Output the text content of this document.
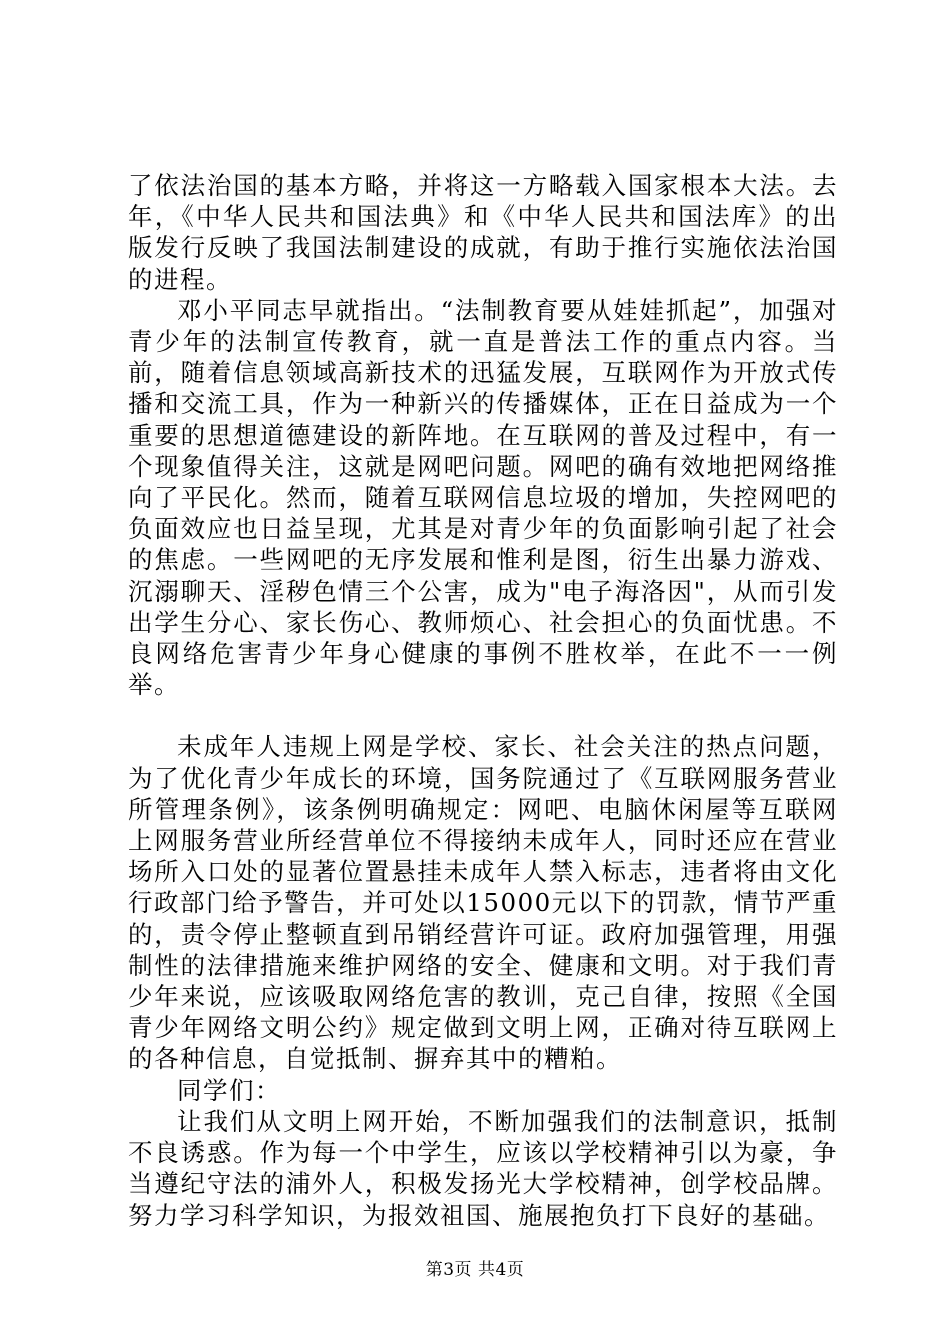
了依法治国的基本方略，并将这一方略载入国家根本大法。去年，《中华人民共和国法典》和《中华人民共和国法库》的出版发行反映了我国法制建设的成就，有助于推行实施依法治国的进程。

邓小平同志早就指出。“法制教育要从娃娃抓起”，加强对青少年的法制宣传教育，就一直是普法工作的重点内容。当前，随着信息领域高新技术的迅猛发展，互联网作为开放式传播和交流工具，作为一种新兴的传播媒体，正在日益成为一个重要的思想道德建设的新阵地。在互联网的普及过程中，有一个现象值得关注，这就是网吧问题。网吧的确有效地把网络推向了平民化。然而，随着互联网信息垃圾的增加，失控网吧的负面效应也日益呈现，尤其是对青少年的负面影响引起了社会的焦虑。一些网吧的无序发展和惟利是图，衍生出暴力游戏、沉溺聊天、淫秽色情三个公害，成为"电子海洛因"，从而引发出学生分心、家长伤心、教师烦心、社会担心的负面忧患。不良网络危害青少年身心健康的事例不胜枚举，在此不一一例举。

未成年人违规上网是学校、家长、社会关注的热点问题，为了优化青少年成长的环境，国务院通过了《互联网服务营业所管理条例》，该条例明确规定：网吧、电脑休闲屋等互联网上网服务营业所经营单位不得接纳未成年人，同时还应在营业场所入口处的显著位置悬挂未成年人禁入标志，违者将由文化行政部门给予警告，并可处以15000元以下的罚款，情节严重的，责令停止整顿直到吊销经营许可证。政府加强管理，用强制性的法律措施来维护网络的安全、健康和文明。对于我们青少年来说，应该吸取网络危害的教训，克己自律，按照《全国青少年网络文明公约》规定做到文明上网，正确对待互联网上的各种信息，自觉抵制、摒弃其中的糟粕。

同学们：

让我们从文明上网开始，不断加强我们的法制意识，抵制不良诱惑。作为每一个中学生，应该以学校精神引以为豪，争当遵纪守法的浦外人，积极发扬光大学校精神，创学校品牌。努力学习科学知识，为报效祖国、施展抱负打下良好的基础。

第3页 共4页
